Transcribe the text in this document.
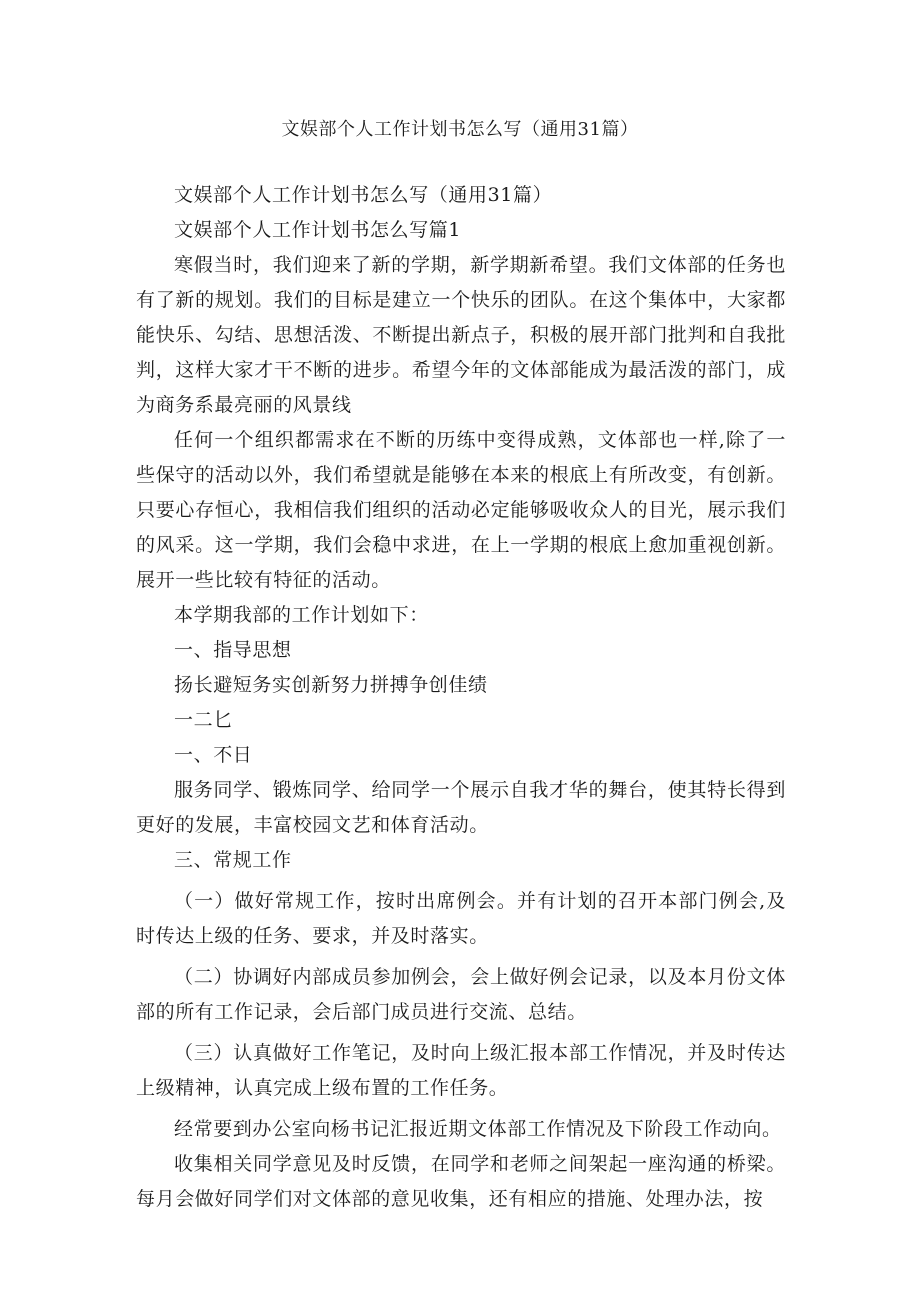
文娱部个人工作计划书怎么写（通用31篇）

文娱部个人工作计划书怎么写（通用31篇）

文娱部个人工作计划书怎么写篇1

寒假当时，我们迎来了新的学期，新学期新希望。我们文体部的任务也有了新的规划。我们的目标是建立一个快乐的团队。在这个集体中，大家都能快乐、勾结、思想活泼、不断提出新点子，积极的展开部门批判和自我批判，这样大家才干不断的进步。希望今年的文体部能成为最活泼的部门，成为商务系最亮丽的风景线

任何一个组织都需求在不断的历练中变得成熟，文体部也一样,除了一些保守的活动以外，我们希望就是能够在本来的根底上有所改变，有创新。只要心存恒心，我相信我们组织的活动必定能够吸收众人的目光，展示我们的风采。这一学期，我们会稳中求进，在上一学期的根底上愈加重视创新。展开一些比较有特征的活动。

本学期我部的工作计划如下：

一、指导思想

扬长避短务实创新努力拼搏争创佳绩

一二匕

一、不日

服务同学、锻炼同学、给同学一个展示自我才华的舞台，使其特长得到更好的发展，丰富校园文艺和体育活动。

三、常规工作

（一）做好常规工作，按时出席例会。并有计划的召开本部门例会,及时传达上级的任务、要求，并及时落实。

（二）协调好内部成员参加例会，会上做好例会记录，以及本月份文体部的所有工作记录，会后部门成员进行交流、总结。

（三）认真做好工作笔记，及时向上级汇报本部工作情况，并及时传达上级精神，认真完成上级布置的工作任务。

经常要到办公室向杨书记汇报近期文体部工作情况及下阶段工作动向。

收集相关同学意见及时反馈，在同学和老师之间架起一座沟通的桥梁。每月会做好同学们对文体部的意见收集，还有相应的措施、处理办法，按
